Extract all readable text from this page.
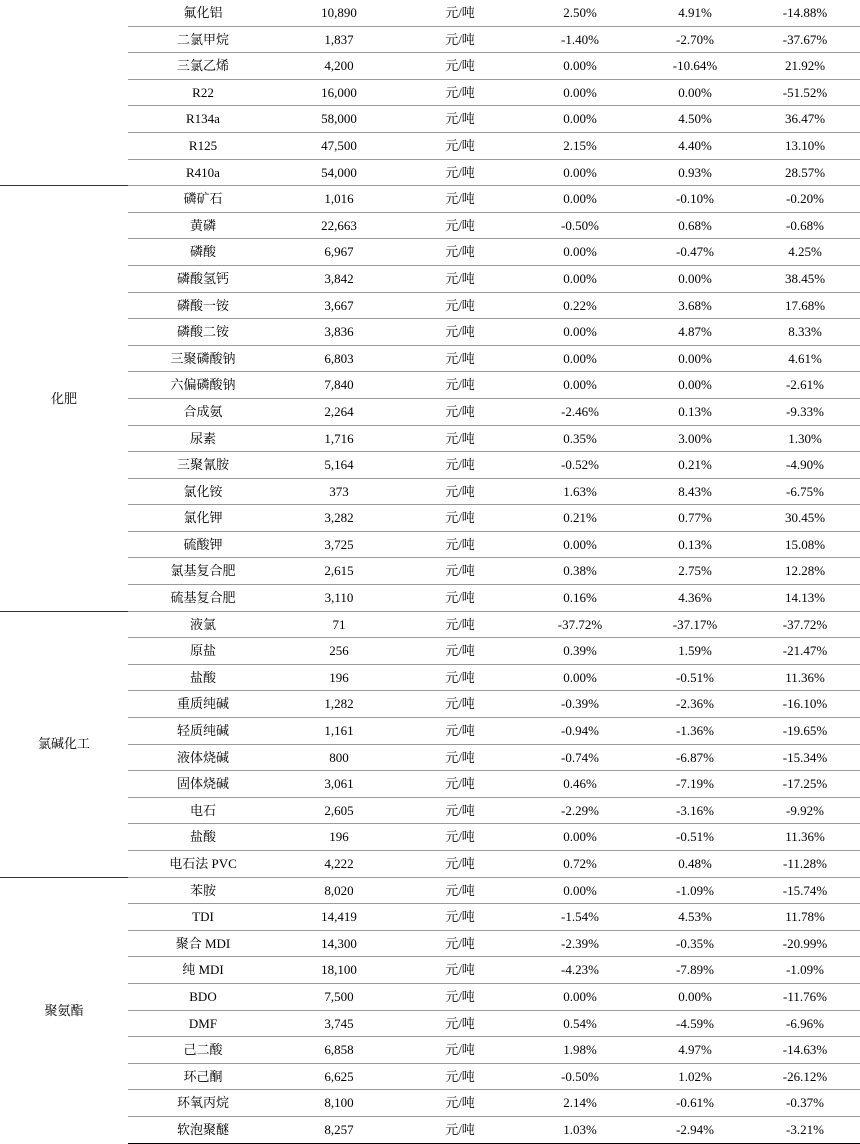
	氟化铝	10,890	元/吨	2.50%	4.91%	-14.88%
	二氯甲烷	1,837	元/吨	-1.40%	-2.70%	-37.67%
	三氯乙烯	4,200	元/吨	0.00%	-10.64%	21.92%
	R22	16,000	元/吨	0.00%	0.00%	-51.52%
	R134a	58,000	元/吨	0.00%	4.50%	36.47%
	R125	47,500	元/吨	2.15%	4.40%	13.10%
	R410a	54,000	元/吨	0.00%	0.93%	28.57%
化肥	磷矿石	1,016	元/吨	0.00%	-0.10%	-0.20%
	黄磷	22,663	元/吨	-0.50%	0.68%	-0.68%
	磷酸	6,967	元/吨	0.00%	-0.47%	4.25%
	磷酸氢钙	3,842	元/吨	0.00%	0.00%	38.45%
	磷酸一铵	3,667	元/吨	0.22%	3.68%	17.68%
	磷酸二铵	3,836	元/吨	0.00%	4.87%	8.33%
	三聚磷酸钠	6,803	元/吨	0.00%	0.00%	4.61%
	六偏磷酸钠	7,840	元/吨	0.00%	0.00%	-2.61%
	合成氨	2,264	元/吨	-2.46%	0.13%	-9.33%
	尿素	1,716	元/吨	0.35%	3.00%	1.30%
	三聚氰胺	5,164	元/吨	-0.52%	0.21%	-4.90%
	氯化铵	373	元/吨	1.63%	8.43%	-6.75%
	氯化钾	3,282	元/吨	0.21%	0.77%	30.45%
	硫酸钾	3,725	元/吨	0.00%	0.13%	15.08%
	氯基复合肥	2,615	元/吨	0.38%	2.75%	12.28%
	硫基复合肥	3,110	元/吨	0.16%	4.36%	14.13%
氯碱化工	液氯	71	元/吨	-37.72%	-37.17%	-37.72%
	原盐	256	元/吨	0.39%	1.59%	-21.47%
	盐酸	196	元/吨	0.00%	-0.51%	11.36%
	重质纯碱	1,282	元/吨	-0.39%	-2.36%	-16.10%
	轻质纯碱	1,161	元/吨	-0.94%	-1.36%	-19.65%
	液体烧碱	800	元/吨	-0.74%	-6.87%	-15.34%
	固体烧碱	3,061	元/吨	0.46%	-7.19%	-17.25%
	电石	2,605	元/吨	-2.29%	-3.16%	-9.92%
	盐酸	196	元/吨	0.00%	-0.51%	11.36%
	电石法 PVC	4,222	元/吨	0.72%	0.48%	-11.28%
聚氨酯	苯胺	8,020	元/吨	0.00%	-1.09%	-15.74%
	TDI	14,419	元/吨	-1.54%	4.53%	11.78%
	聚合 MDI	14,300	元/吨	-2.39%	-0.35%	-20.99%
	纯 MDI	18,100	元/吨	-4.23%	-7.89%	-1.09%
	BDO	7,500	元/吨	0.00%	0.00%	-11.76%
	DMF	3,745	元/吨	0.54%	-4.59%	-6.96%
	己二酸	6,858	元/吨	1.98%	4.97%	-14.63%
	环己酮	6,625	元/吨	-0.50%	1.02%	-26.12%
	环氧丙烷	8,100	元/吨	2.14%	-0.61%	-0.37%
	软泡聚醚	8,257	元/吨	1.03%	-2.94%	-3.21%
